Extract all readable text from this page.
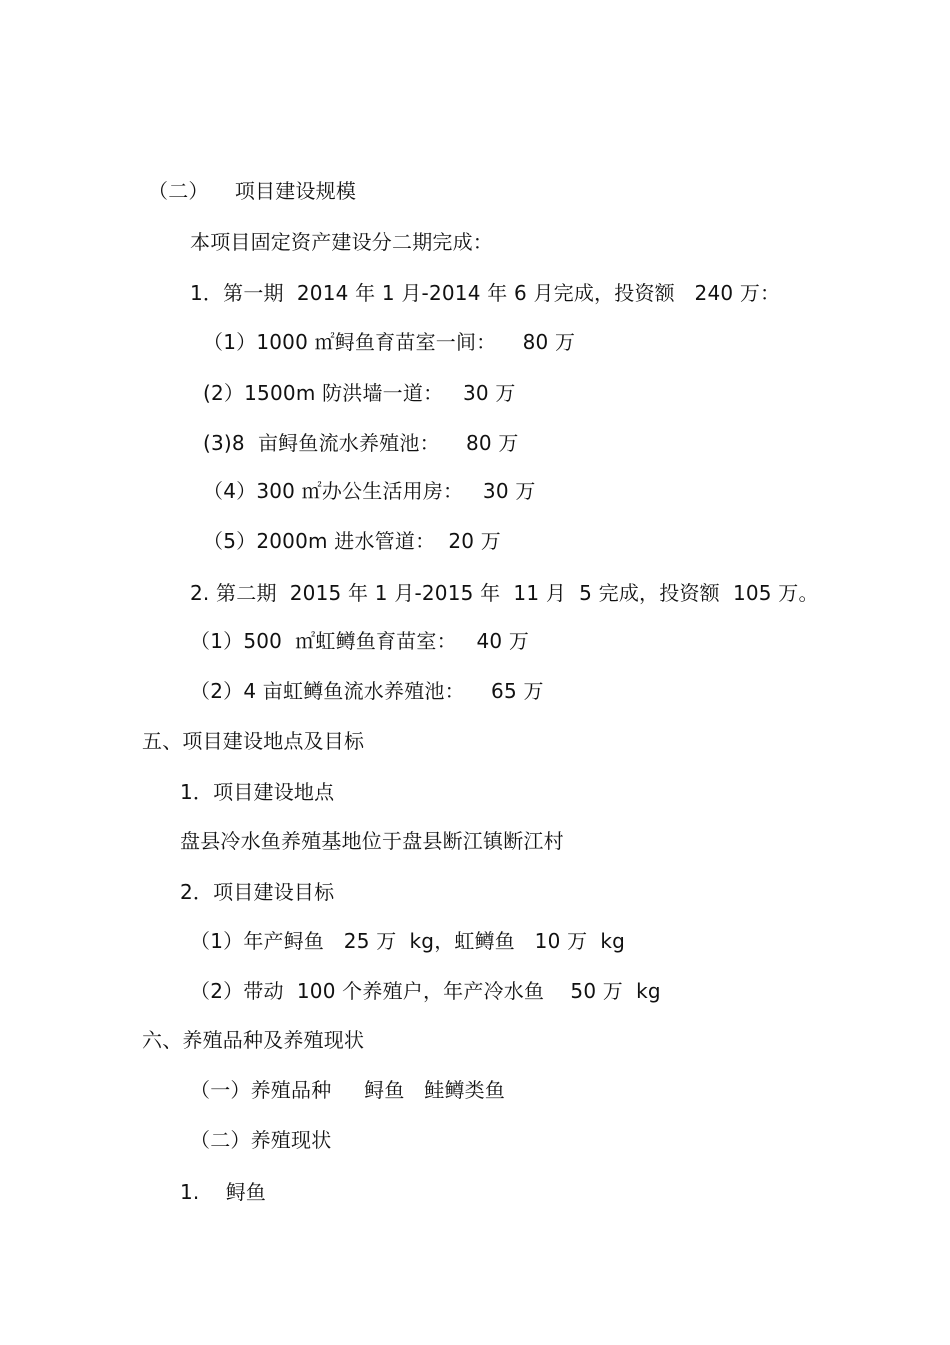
（二）    项目建设规模
本项目固定资产建设分二期完成：
1．第一期  2014 年 1 月-2014 年 6 月完成，投资额   240 万：
（1）1000 ㎡鲟鱼育苗室一间：    80 万
(2）1500m 防洪墙一道：   30 万
(3)8  亩鲟鱼流水养殖池：    80 万
（4）300 ㎡办公生活用房：   30 万
（5）2000m 进水管道：  20 万
2. 第二期  2015 年 1 月-2015 年  11 月  5 完成，投资额  105 万。
（1）500  ㎡虹鳟鱼育苗室：   40 万
（2）4 亩虹鳟鱼流水养殖池：    65 万
五、项目建设地点及目标
1．项目建设地点
盘县冷水鱼养殖基地位于盘县断江镇断江村
2．项目建设目标
（1）年产鲟鱼   25 万  kg，虹鳟鱼   10 万  kg
（2）带动  100 个养殖户，年产冷水鱼    50 万  kg
六、养殖品种及养殖现状
（一）养殖品种     鲟鱼   鲑鳟类鱼
（二）养殖现状
1.    鲟鱼
